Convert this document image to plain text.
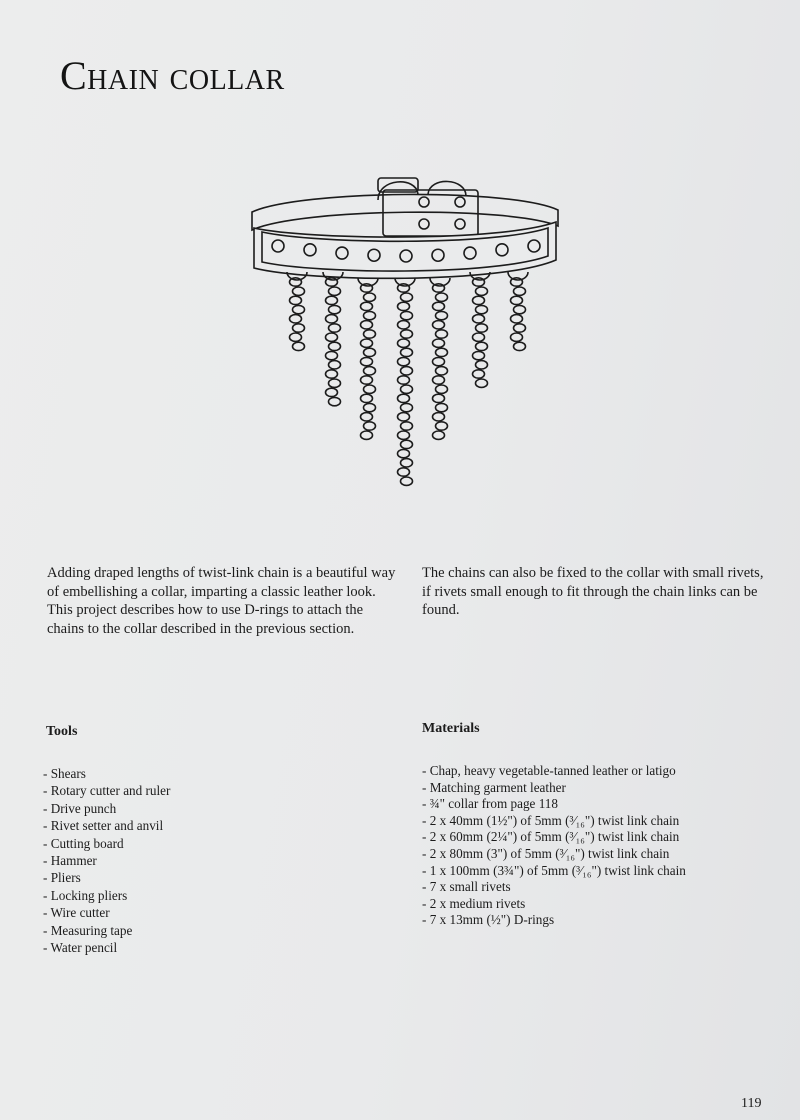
Chain collar

Adding draped lengths of twist-link chain is a beautiful way of embellishing a collar, imparting a classic leather look. This project describes how to use D-rings to attach the chains to the collar described in the previous section.

The chains can also be fixed to the collar with small rivets, if rivets small enough to fit through the chain links can be found.

Tools
- Shears
- Rotary cutter and ruler
- Drive punch
- Rivet setter and anvil
- Cutting board
- Hammer
- Pliers
- Locking pliers
- Wire cutter
- Measuring tape
- Water pencil
Materials
- Chap, heavy vegetable-tanned leather or latigo
- Matching garment leather
- ¾" collar from page 118
- 2 x 40mm (1½") of 5mm (³⁄₁₆") twist link chain
- 2 x 60mm (2¼") of 5mm (³⁄₁₆") twist link chain
- 2 x 80mm (3") of 5mm (³⁄₁₆") twist link chain
- 1 x 100mm (3¾") of 5mm (³⁄₁₆") twist link chain
- 7 x small rivets
- 2 x medium rivets
- 7 x 13mm (½") D-rings
119
